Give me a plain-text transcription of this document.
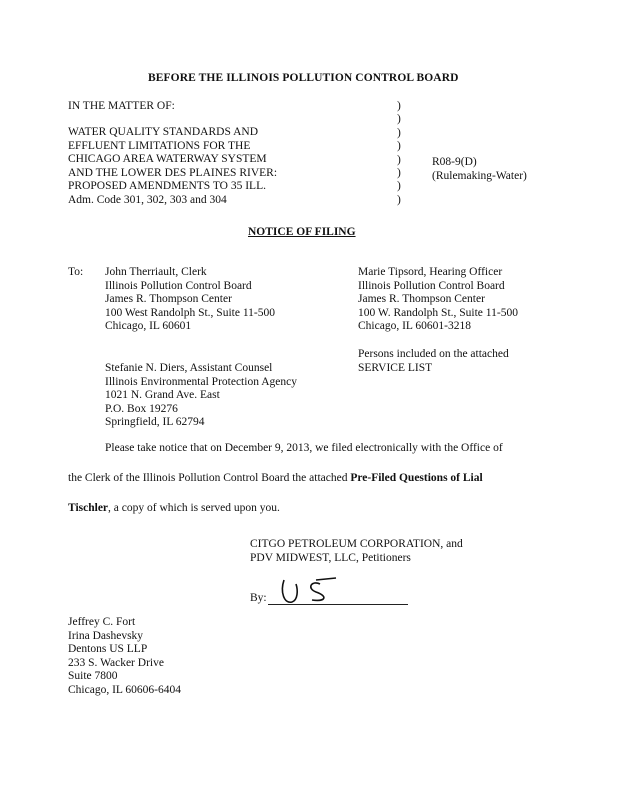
BEFORE THE ILLINOIS POLLUTION CONTROL BOARD
IN THE MATTER OF:
WATER QUALITY STANDARDS AND
EFFLUENT LIMITATIONS FOR THE
CHICAGO AREA WATERWAY SYSTEM
AND THE LOWER DES PLAINES RIVER:
PROPOSED AMENDMENTS TO 35 ILL.
Adm. Code 301, 302, 303 and 304
)
)
)
)
)
)
)
)
R08-9(D)
(Rulemaking-Water)
NOTICE OF FILING
To: John Therriault, Clerk
Illinois Pollution Control Board
James R. Thompson Center
100 West Randolph St., Suite 11-500
Chicago, IL 60601
Marie Tipsord, Hearing Officer
Illinois Pollution Control Board
James R. Thompson Center
100 W. Randolph St., Suite 11-500
Chicago, IL 60601-3218
Persons included on the attached
SERVICE LIST
Stefanie N. Diers, Assistant Counsel
Illinois Environmental Protection Agency
1021 N. Grand Ave. East
P.O. Box 19276
Springfield, IL 62794
Please take notice that on December 9, 2013, we filed electronically with the Office of
the Clerk of the Illinois Pollution Control Board the attached Pre-Filed Questions of Lial
Tischler, a copy of which is served upon you.
CITGO PETROLEUM CORPORATION, and
PDV MIDWEST, LLC, Petitioners
By:
Jeffrey C. Fort
Irina Dashevsky
Dentons US LLP
233 S. Wacker Drive
Suite 7800
Chicago, IL 60606-6404
